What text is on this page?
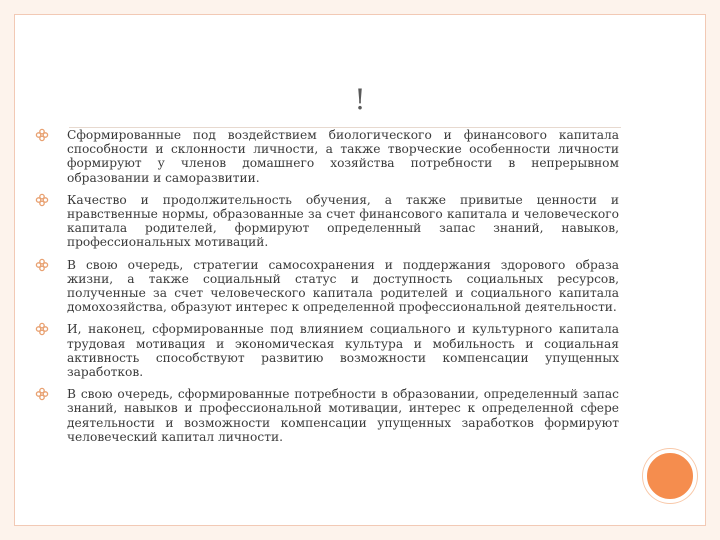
!
Сформированные под воздействием биологического и финансового капитала способности и склонности личности, а также творческие особенности личности формируют у членов домашнего хозяйства потребности в непрерывном образовании и саморазвитии.
Качество и продолжительность обучения, а также привитые ценности и нравственные нормы, образованные за счет финансового капитала и человеческого капитала родителей, формируют определенный запас знаний, навыков, профессиональных мотиваций.
В свою очередь, стратегии самосохранения и поддержания здорового образа жизни, а также социальный статус и доступность социальных ресурсов, полученные за счет человеческого капитала родителей и социального капитала домохозяйства, образуют интерес к определенной профессиональной деятельности.
И, наконец, сформированные под влиянием социального и культурного капитала трудовая мотивация и экономическая культура и мобильность и социальная активность способствуют развитию возможности компенсации упущенных заработков.
В свою очередь, сформированные потребности в образовании, определенный запас знаний, навыков и профессиональной мотивации, интерес к определенной сфере деятельности и возможности компенсации упущенных заработков формируют человеческий капитал личности.
